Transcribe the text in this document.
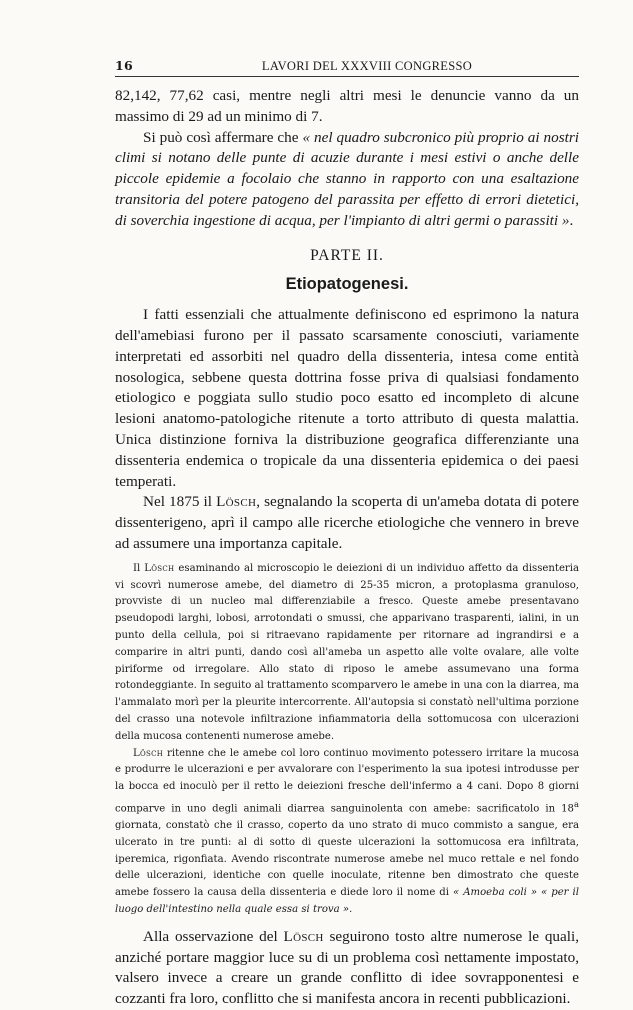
16	LAVORI DEL XXXVIII CONGRESSO

82,142, 77,62 casi, mentre negli altri mesi le denuncie vanno da un massimo di 29 ad un minimo di 7.

Si può così affermare che « nel quadro subcronico più proprio ai nostri climi si notano delle punte di acuzie durante i mesi estivi o anche delle piccole epidemie a focolaio che stanno in rapporto con una esaltazione transitoria del potere patogeno del parassita per effetto di errori dietetici, di soverchia ingestione di acqua, per l'impianto di altri germi o parassiti ».

PARTE II.
Etiopatogenesi.

I fatti essenziali che attualmente definiscono ed esprimono la natura dell'amebiasi furono per il passato scarsamente conosciuti, variamente interpretati ed assorbiti nel quadro della dissenteria, intesa come entità nosologica, sebbene questa dottrina fosse priva di qualsiasi fondamento etiologico e poggiata sullo studio poco esatto ed incompleto di alcune lesioni anatomo-patologiche ritenute a torto attributo di questa malattia. Unica distinzione forniva la distribuzione geografica differenziante una dissenteria endemica o tropicale da una dissenteria epidemica o dei paesi temperati.

Nel 1875 il Lösch, segnalando la scoperta di un'ameba dotata di potere dissenterigeno, aprì il campo alle ricerche etiologiche che vennero in breve ad assumere una importanza capitale.

Il Lösch esaminando al microscopio le deiezioni di un individuo affetto da dissenteria vi scovrì numerose amebe, del diametro di 25-35 micron, a protoplasma granuloso, provviste di un nucleo mal differenziabile a fresco. Queste amebe presentavano pseudopodi larghi, lobosi, arrotondati o smussi, che apparivano trasparenti, ialini, in un punto della cellula, poi si ritraevano rapidamente per ritornare ad ingrandirsi e a comparire in altri punti, dando così all'ameba un aspetto alle volte ovalare, alle volte piriforme od irregolare. Allo stato di riposo le amebe assumevano una forma rotondeggiante. In seguito al trattamento scomparvero le amebe in una con la diarrea, ma l'ammalato morì per la pleurite intercorrente. All'autopsia si constatò nell'ultima porzione del crasso una notevole infiltrazione infiammatoria della sottomucosa con ulcerazioni della mucosa contenenti numerose amebe.

Lösch ritenne che le amebe col loro continuo movimento potessero irritare la mucosa e produrre le ulcerazioni e per avvalorare con l'esperimento la sua ipotesi introdusse per la bocca ed inoculò per il retto le deiezioni fresche dell'infermo a 4 cani. Dopo 8 giorni comparve in uno degli animali diarrea sanguinolenta con amebe: sacrificatolo in 18$^a$ giornata, constatò che il crasso, coperto da uno strato di muco commisto a sangue, era ulcerato in tre punti: al di sotto di queste ulcerazioni la sottomucosa era infiltrata, iperemica, rigonfiata. Avendo riscontrate numerose amebe nel muco rettale e nel fondo delle ulcerazioni, identiche con quelle inoculate, ritenne ben dimostrato che queste amebe fossero la causa della dissenteria e diede loro il nome di « Amoeba coli » « per il luogo dell'intestino nella quale essa si trova ».

Alla osservazione del Lösch seguirono tosto altre numerose le quali, anziché portare maggior luce su di un problema così nettamente impostato, valsero invece a creare un grande conflitto di idee sovrapponentesi e cozzanti fra loro, conflitto che si manifesta ancora in recenti pubblicazioni.
